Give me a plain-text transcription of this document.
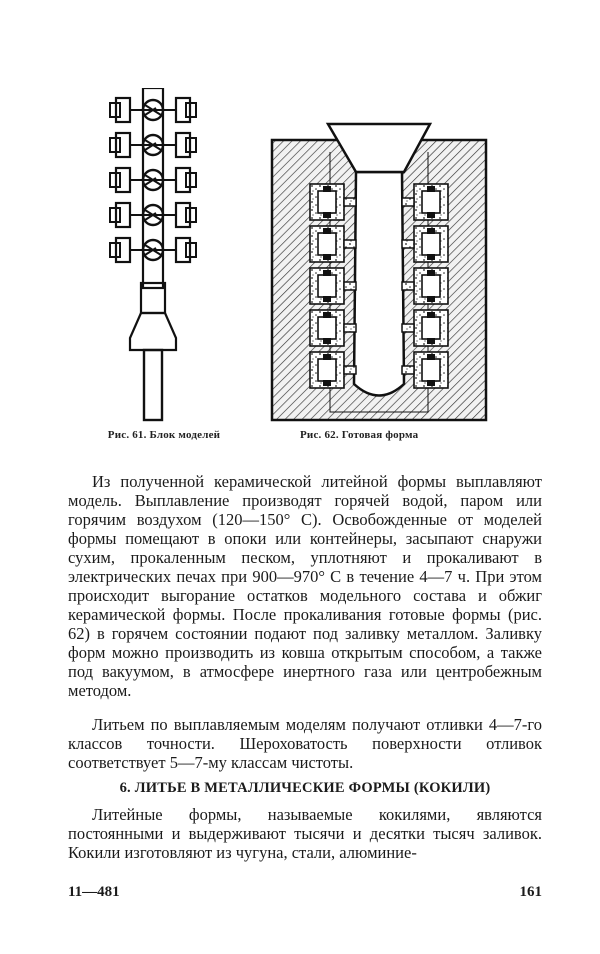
Рис. 61. Блок моделей	Рис. 62. Готовая форма
Из полученной керамической литейной формы выплавляют модель. Выплавление производят горячей водой, паром или горячим воздухом (120—150° С). Освобожденные от моделей формы помещают в опоки или контейнеры, засыпают снаружи сухим, прокаленным песком, уплотняют и прокаливают в электрических печах при 900—970° С в течение 4—7 ч. При этом происходит выгорание остатков модельного состава и обжиг керамической формы. После прокаливания готовые формы (рис. 62) в горячем состоянии подают под заливку металлом. Заливку форм можно производить из ковша открытым способом, а также под вакуумом, в атмосфере инертного газа или центробежным методом.
Литьем по выплавляемым моделям получают отливки 4—7-го классов точности. Шероховатость поверхности отливок соответствует 5—7-му классам чистоты.
6. ЛИТЬЕ В МЕТАЛЛИЧЕСКИЕ ФОРМЫ (КОКИЛИ)
Литейные формы, называемые кокилями, являются постоянными и выдерживают тысячи и десятки тысяч заливок. Кокили изготовляют из чугуна, стали, алюминие-
11—481	161
